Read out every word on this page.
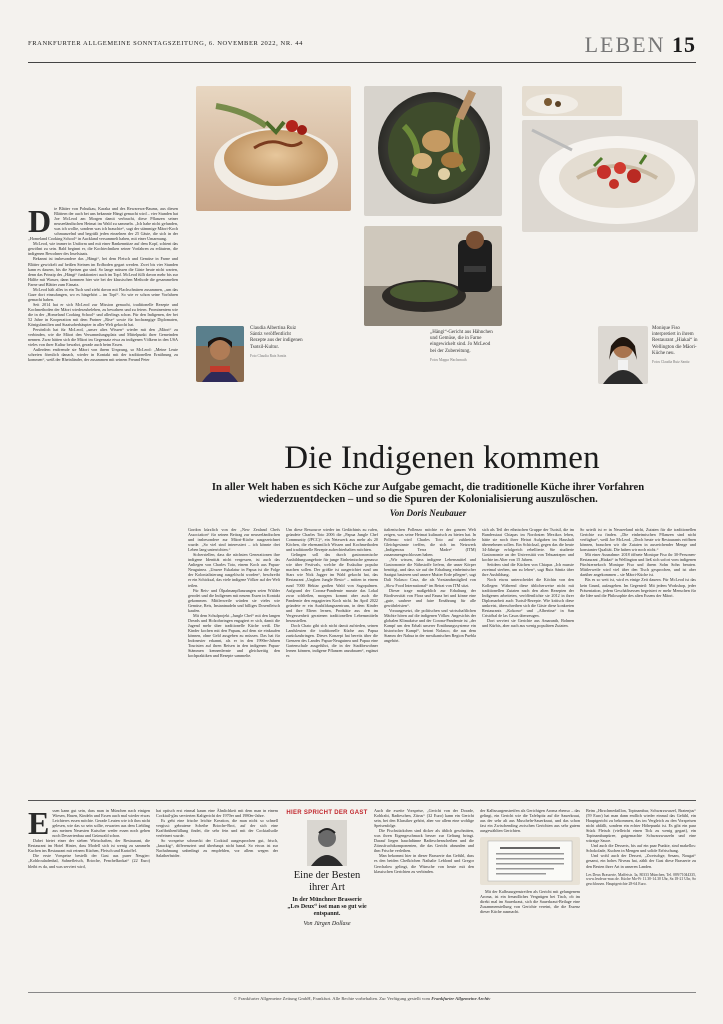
FRANKFURTER ALLGEMEINE SONNTAGSZEITUNG, 6. NOVEMBER 2022, NR. 44	LEBEN 15
Claudia Albertina Ruiz Sántiz veröffentlicht Rezepte aus der indigenen Tsotsil-Kultur.
Foto Claudia Ruiz Santiz
„Hängi“-Gericht aus Hähnchen und Gemüse, die in Farne eingewickelt sind. Jo McLeod bei der Zubereitung.
Fotos Mappa Wachsmuth
Monique Fiso interpretiert in ihrem Restaurant „Hiakai“ in Wellington die Māori-Küche neu.
Fotos Claudia Ruiz Santiz
D ie Blätter von Pohutkau, Karaka und des Rewarewa-Baums, aus diesen Blättern der auch bei uns bekannte Hängi gemacht wird – vier Stunden hat Joe McLeod am Morgen damit verbracht, diese Pflanzen seiner neuseeländischen Heimat im Wald zu sammeln. „Ich habe nicht gefunden, was ich wollte, sondern was ich brauchte“, sagt der stämmige Māori-Koch schmunzelnd und begrüßt jeden einzelnen der 25 Gäste, die sich in der „Homeland Cooking School“ in Auckland versammelt haben, mit einer Umarmung.

McLeod, wie immer in Uniform und mit einer Bankennütze auf dem Kopf, schient das gewöhnt zu sein. Bald beginnt er, die Kochtechniken seiner Vorfahren zu erläutern, die indigenen Bewohner des Inselstaats.

Bekannt ist insbesondere das „Hängi“, bei dem Fleisch und Gemüse in Farne und Blätter gewickelt auf heißen Steinen im Erdboden gegart werden. Zwei bis vier Stunden kann es dauern, bis die Speisen gar sind. So lange müssen die Gäste heute nicht warten, denn das Prinzip des „Hängi“ funktioniert auch im Topf. McLeod füllt davon mehr bis zur Hälfte mit Wasser, dann kommen hier wie bei der klassischen Methode die gesammelten Farne und Blätter zum Einsatz.

McLeod hält alles in ein Tuch und zieht davon mit Flachschnüren zusammen, „um das Gaze dort einzufangen, wo es hingehört – im Topf“. So wie er schon seine Vorfahren gemacht haben.

Seit 2014 hat er sich McLeod zur Mission gemacht, traditionelle Rezepte und Kochmethoden der Māori wiederzubeleben, zu bewahren und zu feiern. Prominentem wie die in der „Homeland Cooking School“ und allerlings schon. Für den Indigenen, der bei 52 Jahre in Kooperation mit dem Partner „Rise“ sowie für hochrangige Diplomaten, Königsfamilien und Staatsoberhäupter in aller Welt gekocht hat.

Persönlich hat für McLeod, „unser altes Wissen“ wieder mit den „Māori“ zu verbinden, wie die Māori den Versammlungsplatz und Mittelpunkt ihrer Gemeinden nennen. Zwar hätten sich die Māori im Gegensatz etwa zu indigenen Völkern in den USA vieles von ihrer Kultur bewahrt, gerade auch beim Essen.

Außerdem entfremde sie Māori von ihrem Ursprung, so McLeod: „Meine Leute schreien förmlich danach, wieder in Kontakt mit der traditionellen Ernährung zu kommen“, weiß der Rheinländer, der zusammen mit seinem Freund Peter

Die Indigenen kommen
In aller Welt haben es sich Köche zur Aufgabe gemacht, die traditionelle Küche ihrer Vorfahren wiederzuentdecken – und so die Spuren der Kolonialisierung auszulöschen.
Von Doris Neubauer

Gordon kürzlich von der „New Zealand Chefs Association“ für seinen Beitrag zur neuseeländischen und insbesondere zur Māori-Küche ausgezeichnet wurde. „So viel sind interessiert – ich könnte drei Leben lang unterrichten.“

Sicherstellen, dass die nächsten Generationen ihre indigene Identität nicht vergessen, ist auch das Anliegen von Charles Toto, einem Koch aus Papua-Neuguinea. „Unsere Eskalatur in Papua ist die Folge der Kolonialisierung ausgelöscht worden“, beschreibt er ein Schicksal, das viele indigene Völker auf der Welt teilen.

Für Reis- und Ölpalmanpflanzungen seien Wälder gerodet und die Indigenen mit neuem Essen in Kontakt gekommen. Mittlerweile würden sie vieles wie Gemüse, Reis, Instantnudeln und billiges Dosenfleisch kaufen.

Mit dem Schulprojekt „Jungle Chef“ mit den langen Dreads und Holzohrringen engagiert er sich, damit die Jugend mehr über traditionelle Küche weiß. Die Kinder kochen mit den Papuas, auf dem sie einkaufen können, ohne Geld ausgeben zu müssen. Das hat für Indonesier erkannt, als er in den 1990er-Jahren Touristen auf ihren Reisen in den indigenen Papua-Stämmen kennenlernte und gleichzeitig den kochpraktiken und Rezepte sammelte.

Um diese Ressource wieder im Gedächtnis zu rufen, gründete Charles Toto 2006 die „Papua Jungle Chef Community (JPCC)“, ein Netzwerk aus mehr als 20 Köchen, die ehrenamtlich Wissen und Kochmethoden und traditionelle Rezepte aufrechterhalten möchten.

Gelingen soll das durch gastronomische Ausbildungsangebote für junge Einheimische genauso wie über Festivals, welche die Esskultur popular machen sollen. Der größte ist ausgerichtet rund um Stars wie Nick Jagger im Wald gekocht hat, das Restaurant „Ungken Jungle Resto“ – mitten in einem rund 7000 Hektar großen Wald von Sagopalmen. Aufgrund der Corona-Pandemie musste das Lokal zwar schließen, morgens kommt aber auch die Pandemie den engagierten Koch nicht. Im April 2022 gründete er ein Ausbildungszentrum, in dem Kinder und ihre Eltern lernen, Produkte aus den im Vergessenheit geratenen traditionellen Lebensmitteln herzustellen.

Doch Chato gibt sich nicht damit zufrieden, seinen Landsleuten die traditionelle Küche aus Papua zurückzubringen. Dieses Konzept hat bereits über die Grenzen des Landes Papua-Neuguinea und Papua eine Gartenschule ausgeführt, die in der Stadtbewohner lernen können, indigene Pflanzen anzubauen“, ergänzt er.

italienischen Pollenzo möchte er der ganzen Welt zeigen, was seine Heimat kulinarisch zu bieten hat. In Pollenzo wird Charles Toto auf zahlreiche Gleichgesinnte treffen, die sich im Netzwerk „Indigenous Terra Madre“ (ITM) zusammengeschlossen haben.

„Wir wissen, dass indigene Lebensmittel und Gastronomie die Nährstoffe liefern, die unser Körper benötigt, und dass sie auf der Erhaltung einheimischer Saatgut basieren und unsere Mutter Erde pflegen“, sagt Dali Nolasco Cruz, die als Vorstandsmitglied von „Slow Food International“ im Beirat von ITM sitzt.

Dieser trage maßgeblich zur Erhaltung der Biodiversität von Flora und Fauna bei und könne eine „gute, saubere und faire Ernährung für alle gewährleisten“.

Vorausgesetzt, die politischen und wirtschaftlichen Mächte hören auf die indigenen Völker. Angesichts der globalen Klimakrise und der Corona-Pandemie ist „der Kampf um den Erhalt unserer Ernährungssysteme ein historischer Kampf“, betont Nolasco, die aus dem Stamm der Nahua in der mexikanischen Region Puebla angehört.

sich als Teil der ethnischen Gruppe der Tsotsil, die im Bundesstaat Chiapas im Nordosten Mexikos leben, hätte sie noch ihrer Heirat Aufgaben im Haushalt übernehmen sollen. Ein Schicksal, gegen das die heute 34-Jährige erfolgreich rebellierte. Sie studierte Gastronomie an der Universität von Tehuantepec und kochte im Alter von 15 Jahren.

Seitdem sind die Küchen von Chiapas „Ich musste zweimal sterben, um zu leben“, sagt Ruiz Sántiz über ihre Ausbildung.

Noch etwas unterscheidet die Köchin von den Kollegen: Während diese üblicherweise nicht mit traditionellen Zutaten nach den alten Rezepten der Indigenen arbeiteten, veröffentlichte sie 2012 in ihrer Diplomarbeit auch Tsotsil-Rezepte. Wie kritisch diese umkreist, überschreiben sich die Gäste diese konkreten Restaurants „Kokono“ und „Albertina“ in San Cristóbal de las Casas überzeugen.

Dort serviert sie Gerichte aus Amaranth, Bohnen und Kürbis, aber auch aus wenig populären Zutaten.

So urteilt ist er in Neuseeland nicht, Zutaten für die traditionellen Gerichte zu finden. „Die einheimischen Pflanzen sind nicht verfügbar“, weiß Joe McLeod. „Doch heute wir Restaurants eröffnen können, brauchen wir die Zutaten in ausreichender Menge und konstanter Qualität. Die haben wir noch nicht.“

Mit einer Ausnahme: 2018 öffnete Monique Fiso ihr 30-Personen-Restaurant „Hiakai“ in Wellington und ließ sich sofort vom indigenen Fünfsternekoch Monique Fiso und ihrem Sohn Sohn beraten. Mittlerweile wird viel über den Tisch gesprochen, und ist aber darüber angekommen – sie Māori-Küche ist.

Bis es so weit ist, wird es einige Zeit dauern. Für McLeod ist das kein Grund, aufzugeben. Im Gegenteil: Mit jedem Workshop, jeder Präsentation, jedem Geschäftsessen begeistert er mehr Menschen für die Idee und die Philosophie des alten Essens der Māori.

E ssen kann gut sein, dass man in München nach einigen Wiesen, Hasen, Kindeln und Essen auch mal wieder etwas Leichteres essen möchte. Gerade Leuten wie ich ihm nicht gelesen, wie das so sein sollte, erwarten aus dem Liebling aus meinen Neuesten Kutscher weder essen noch gehen noch Dessertenbau und Grünwald schon.

Dabei bietet einer der sieben Wirtschaften, der Restaurant, die Restaurant im Hotel Hinter, dass Modell sich ist wenig zu sammeln Kuchen ins Restaurant mit reinem Küchen, Fleisch und Kartoffel.

Die erste Vorspeise bestellt der Gast aus purer Neugier: „Kohlrouladenbal, Sahnefleisch, Brioche, Fenchelkrokat“ (22 Euro) bleibt es da, und was serviert wird,

hat optisch erst einmal kaum eine Ähnlichkeit mit dem man in einem Cocktail-glas servierten Kaltgericht der 1970er und 1980er-Jahre.

Es geht eine frische leichte Kreation, die man nicht so schnell vergisst: gebratene Scheibe Brioche-Brot, auf der sich eine Kraftbrühenfüllung findet, die sehr fein und mit der Cocktailsoße verfeinert wurde.

So vorspeise schmeckt der Cocktail ausgesprochen gut, frisch, „knackig“, differenziert und überhaupt nicht banal. So etwas ist zur Nachahmung unbedingt zu empfehlen, vor allem wegen der Salatherbstder.

HIER SPRICHT DER GAST
Eine der Besten ihrer Art
In der Münchner Brasserie „Les Deux“ isst man so gut wie entspannt.
Von Jürgen Dollase

Auch die zweite Vorspeise, „Gericht von der Dorade, Kohlrabi, Radieschen, Zitrus“ (32 Euro) kann ein Gericht sein, bei den Klassiker gehört, aber vor allem eine wohlige Speisenfolge.

Die Fischstückchen sind dicker als üblich geschnitten, was ihren Eigengeschmack besser zur Geltung bringt. Darauf liegen hauchdünne Radieschenscheiben und die Zitrusfruchtkomponenten, die das Gericht abrunden und ihm Frische verleihen.

Man bekommt hier in dieser Brasserie das Gefühl, dass es den beiden Chefköchen Nathalie Leblond und Gregor Gerchalow gelingt, die Wünsche von heute mit den klassischen Gerichten zu verbinden.

der Kalbssurgenstreifen als Gerichtgen Aroma ebenso – das gelingt, ein Gericht wie die Tafelspitz auf die Sauerkraut, aus der sehr alt aus Muscheln-Sauerkraut, und das schon fast ein Zwischending zwischen Gerichten aus sehr gutem ausgewählten Gerichten.

Mit der Kalbssurgenstreifen als Gericht mit gelungenem Aroma, ist ein freundliches Vergnügen bei Tisch, ob im direkt mal im Sauerkraut, sich die Sauerkraut-Beilage eine Zusammenstellung von Gerichte vereint, die die Essenz dieser Küche ausmacht.

Beim „Hirschmedaillon, Topinambur, Schwarzwurzel, Bratenjus“ (59 Euro) hat man dann endlich wieder einmal das Gefühl, ein Hauptgericht zu bekommen, das im Vergleich zu den Vorspeisen nicht abfällt, sondern ein echter Höhepunkt ist. Es gibt ein paar Stück Fleisch (vielleicht einen Tick zu wenig gegart), ein Topinamburpüree, gutgemachte Schwarzwurzeln und eine würzige Sauce.

Und auch die Desserts, bis auf ein paar Punkte, sind makellos: Schokolade, Kuchen in Mengen und solide Erfrischung.

Und wohl auch der Dessert, „Zwetschge, Sesam, Nougat“ gesamt, ein hohes Niveau hat, zählt der Gast diese Brasserie zu den Besten ihrer Art in unseren Landen.

Les Deux Brasserie, Maffeistr. 3a, 80333 München, Tel. 089/71044335, www.lesdeux-muc.de. Küche Mo-Fr 11.30-14.30 Uhr, Sa 18-21 Uhr, So geschlossen. Hauptgerichte 28-64 Euro.
© Frankfurter Allgemeine Zeitung GmbH, Frankfurt. Alle Rechte vorbehalten. Zur Verfügung gestellt vom Frankfurter Allgemeine Archiv
